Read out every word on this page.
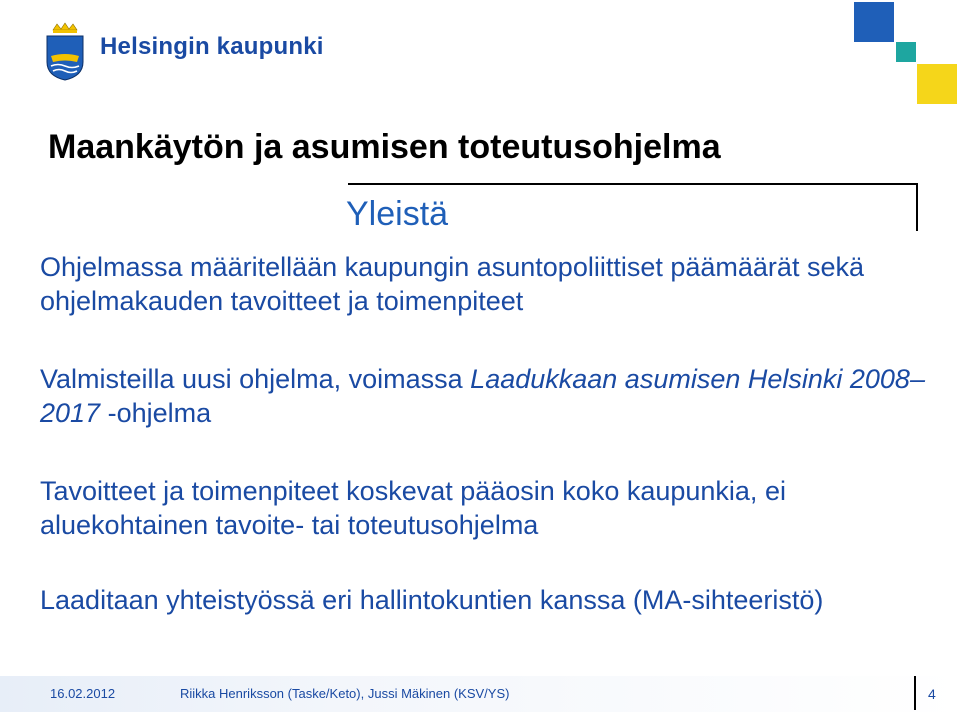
Helsingin kaupunki
Maankäytön ja asumisen toteutusohjelma
Yleistä
Ohjelmassa määritellään kaupungin asuntopoliittiset päämäärät sekä ohjelmakauden tavoitteet ja toimenpiteet
Valmisteilla uusi ohjelma, voimassa Laadukkaan asumisen Helsinki 2008–2017 -ohjelma
Tavoitteet ja toimenpiteet koskevat pääosin koko kaupunkia, ei aluekohtainen tavoite- tai toteutusohjelma
Laaditaan yhteistyössä eri hallintokuntien kanssa (MA-sihteeristö)
16.02.2012	Riikka Henriksson (Taske/Keto), Jussi Mäkinen (KSV/YS)	4
